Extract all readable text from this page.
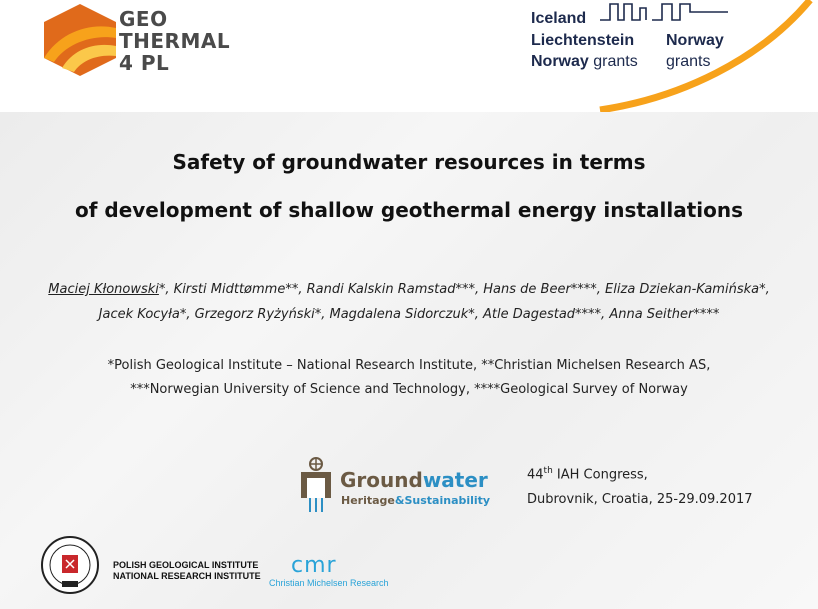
GEO
THERMAL
4 PL
Iceland
Liechtenstein
Norway grants
Norway
grants
Safety of groundwater resources in terms
of development of shallow geothermal energy installations
Maciej Kłonowski*, Kirsti Midttømme**, Randi Kalskin Ramstad***, Hans de Beer****, Eliza Dziekan-Kamińska*,
Jacek Kocyła*, Grzegorz Ryżyński*, Magdalena Sidorczuk*, Atle Dagestad****, Anna Seither****
*Polish Geological Institute – National Research Institute, **Christian Michelsen Research AS,
***Norwegian University of Science and Technology, ****Geological Survey of Norway
Groundwater
Heritage&Sustainability
44th IAH Congress,
Dubrovnik, Croatia, 25-29.09.2017
POLISH GEOLOGICAL INSTITUTE
NATIONAL RESEARCH INSTITUTE cmr
Christian Michelsen Research
